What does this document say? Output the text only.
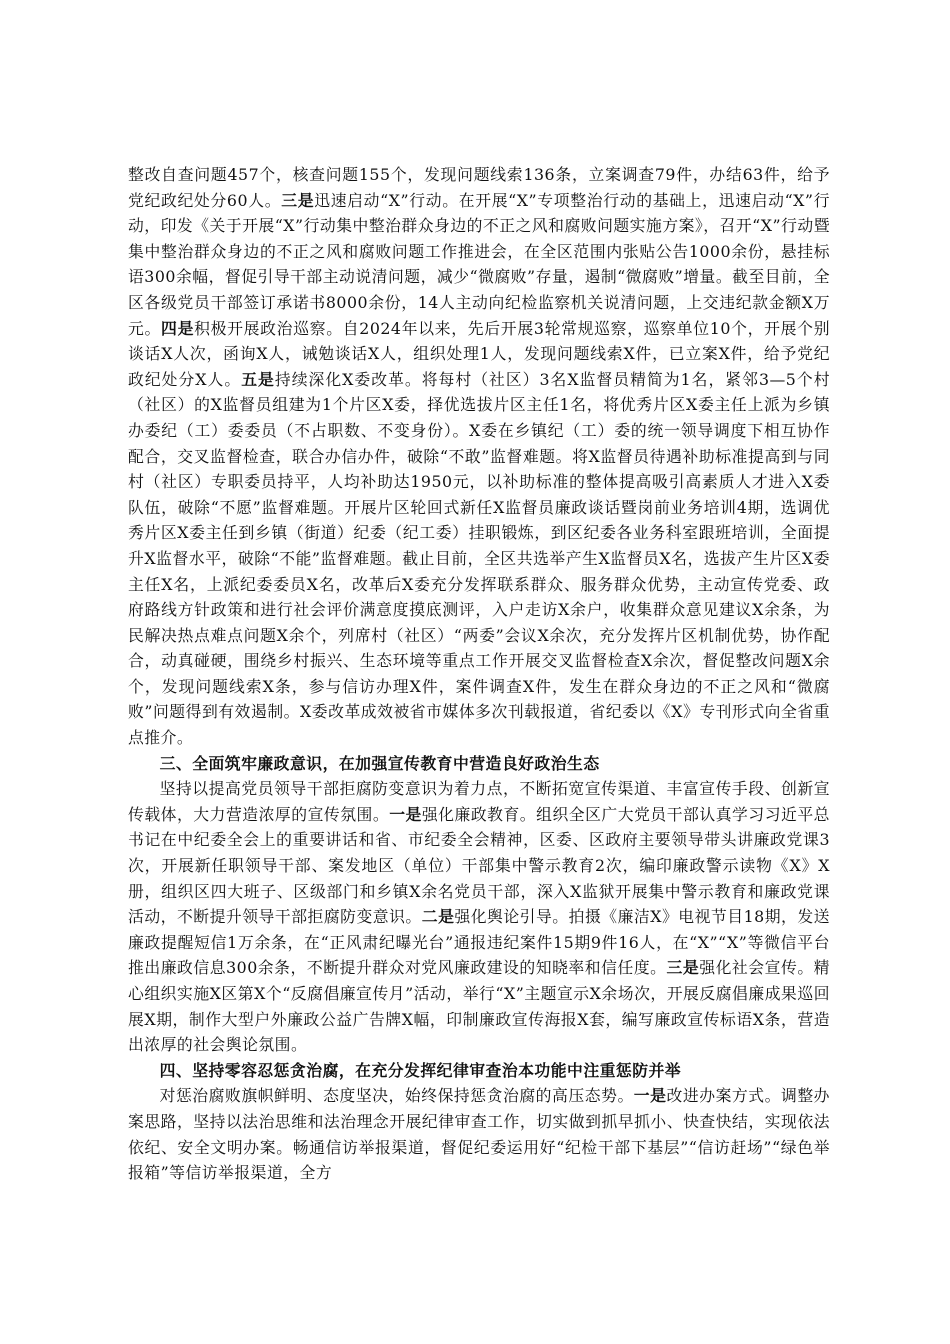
整改自查问题457个，核查问题155个，发现问题线索136条，立案调查79件，办结63件，给予党纪政纪处分60人。三是迅速启动“X”行动。在开展“X”专项整治行动的基础上，迅速启动“X”行动，印发《关于开展“X”行动集中整治群众身边的不正之风和腐败问题实施方案》，召开“X”行动暨集中整治群众身边的不正之风和腐败问题工作推进会，在全区范围内张贴公告1000余份，悬挂标语300余幅，督促引导干部主动说清问题，减少“微腐败”存量，遏制“微腐败”增量。截至目前，全区各级党员干部签订承诺书8000余份，14人主动向纪检监察机关说清问题，上交违纪款金额X万元。四是积极开展政治巡察。自2024年以来，先后开展3轮常规巡察，巡察单位10个，开展个别谈话X人次，函询X人，诫勉谈话X人，组织处理1人，发现问题线索X件，已立案X件，给予党纪政纪处分X人。五是持续深化X委改革。将每村（社区）3名X监督员精简为1名，紧邻3—5个村（社区）的X监督员组建为1个片区X委，择优选拔片区主任1名，将优秀片区X委主任上派为乡镇办委纪（工）委委员（不占职数、不变身份）。X委在乡镇纪（工）委的统一领导调度下相互协作配合，交叉监督检查，联合办信办件，破除“不敢”监督难题。将X监督员待遇补助标准提高到与同村（社区）专职委员持平，人均补助达1950元，以补助标准的整体提高吸引高素质人才进入X委队伍，破除“不愿”监督难题。开展片区轮回式新任X监督员廉政谈话暨岗前业务培训4期，选调优秀片区X委主任到乡镇（街道）纪委（纪工委）挂职锻炼，到区纪委各业务科室跟班培训，全面提升X监督水平，破除“不能”监督难题。截止目前，全区共选举产生X监督员X名，选拔产生片区X委主任X名，上派纪委委员X名，改革后X委充分发挥联系群众、服务群众优势，主动宣传党委、政府路线方针政策和进行社会评价满意度摸底测评，入户走访X余户，收集群众意见建议X余条，为民解决热点难点问题X余个，列席村（社区）“两委”会议X余次，充分发挥片区机制优势，协作配合，动真碰硬，围绕乡村振兴、生态环境等重点工作开展交叉监督检查X余次，督促整改问题X余个，发现问题线索X条，参与信访办理X件，案件调查X件，发生在群众身边的不正之风和“微腐败”问题得到有效遏制。X委改革成效被省市媒体多次刊载报道，省纪委以《X》专刊形式向全省重点推介。

三、全面筑牢廉政意识，在加强宣传教育中营造良好政治生态

坚持以提高党员领导干部拒腐防变意识为着力点，不断拓宽宣传渠道、丰富宣传手段、创新宣传载体，大力营造浓厚的宣传氛围。一是强化廉政教育。组织全区广大党员干部认真学习习近平总书记在中纪委全会上的重要讲话和省、市纪委全会精神，区委、区政府主要领导带头讲廉政党课3次，开展新任职领导干部、案发地区（单位）干部集中警示教育2次，编印廉政警示读物《X》X册，组织区四大班子、区级部门和乡镇X余名党员干部，深入X监狱开展集中警示教育和廉政党课活动，不断提升领导干部拒腐防变意识。二是强化舆论引导。拍摄《廉洁X》电视节目18期，发送廉政提醒短信1万余条，在“正风肃纪曝光台”通报违纪案件15期9件16人，在“X”“X”等微信平台推出廉政信息300余条，不断提升群众对党风廉政建设的知晓率和信任度。三是强化社会宣传。精心组织实施X区第X个“反腐倡廉宣传月”活动，举行“X”主题宣示X余场次，开展反腐倡廉成果巡回展X期，制作大型户外廉政公益广告牌X幅，印制廉政宣传海报X套，编写廉政宣传标语X条，营造出浓厚的社会舆论氛围。

四、坚持零容忍惩贪治腐，在充分发挥纪律审查治本功能中注重惩防并举

对惩治腐败旗帜鲜明、态度坚决，始终保持惩贪治腐的高压态势。一是改进办案方式。调整办案思路，坚持以法治思维和法治理念开展纪律审查工作，切实做到抓早抓小、快查快结，实现依法依纪、安全文明办案。畅通信访举报渠道，督促纪委运用好“纪检干部下基层”“信访赶场”“绿色举报箱”等信访举报渠道，全方
